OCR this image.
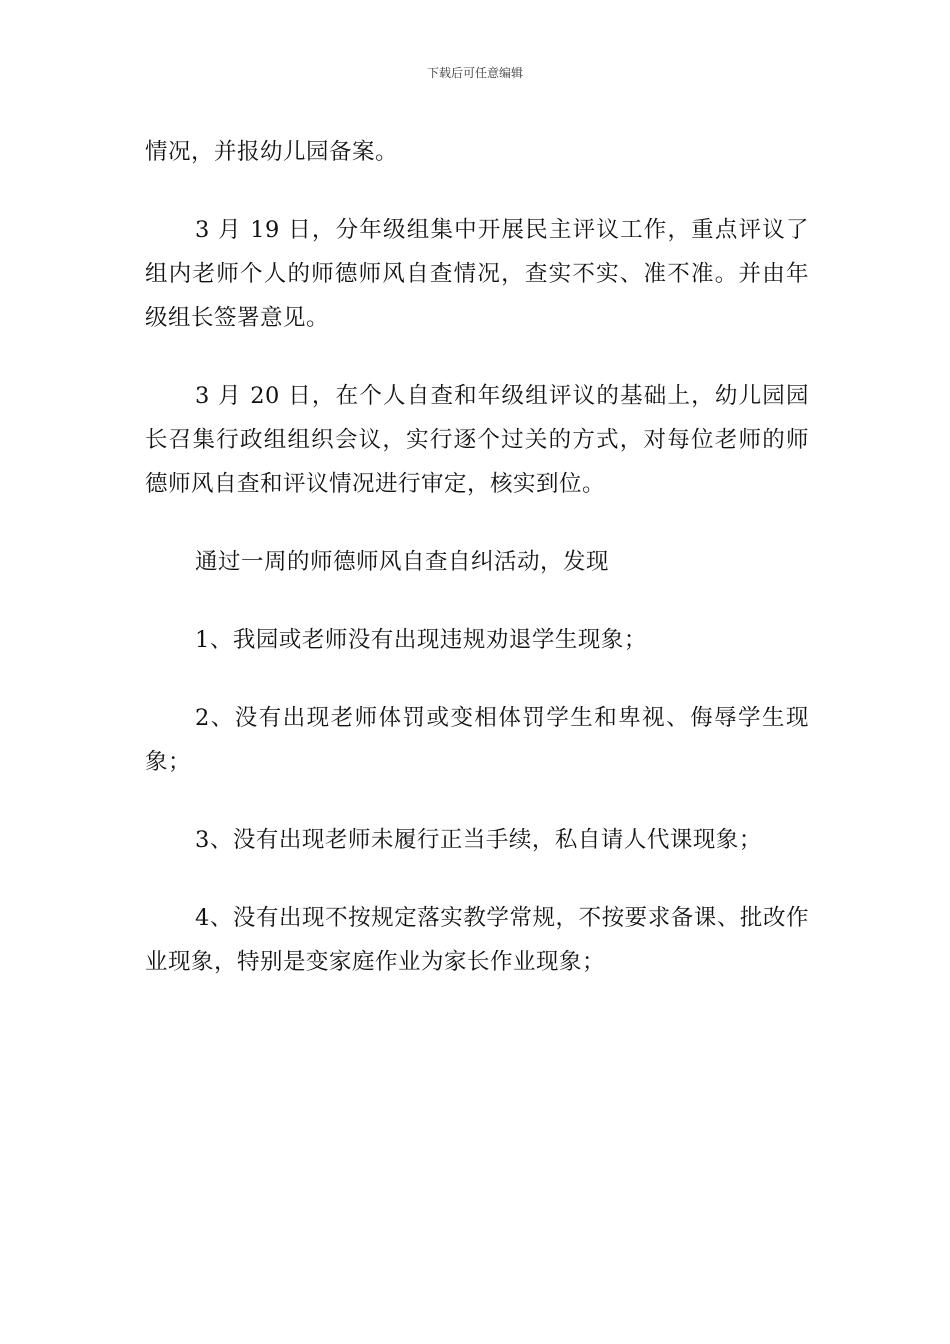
下载后可任意编辑

情况，并报幼儿园备案。

3 月 19 日，分年级组集中开展民主评议工作，重点评议了组内老师个人的师德师风自查情况，查实不实、准不准。并由年级组长签署意见。

3 月 20 日，在个人自查和年级组评议的基础上，幼儿园园长召集行政组组织会议，实行逐个过关的方式，对每位老师的师德师风自查和评议情况进行审定，核实到位。

通过一周的师德师风自查自纠活动，发现

1、我园或老师没有出现违规劝退学生现象；

2、没有出现老师体罚或变相体罚学生和卑视、侮辱学生现象；

3、没有出现老师未履行正当手续，私自请人代课现象；

4、没有出现不按规定落实教学常规，不按要求备课、批改作业现象，特别是变家庭作业为家长作业现象；
